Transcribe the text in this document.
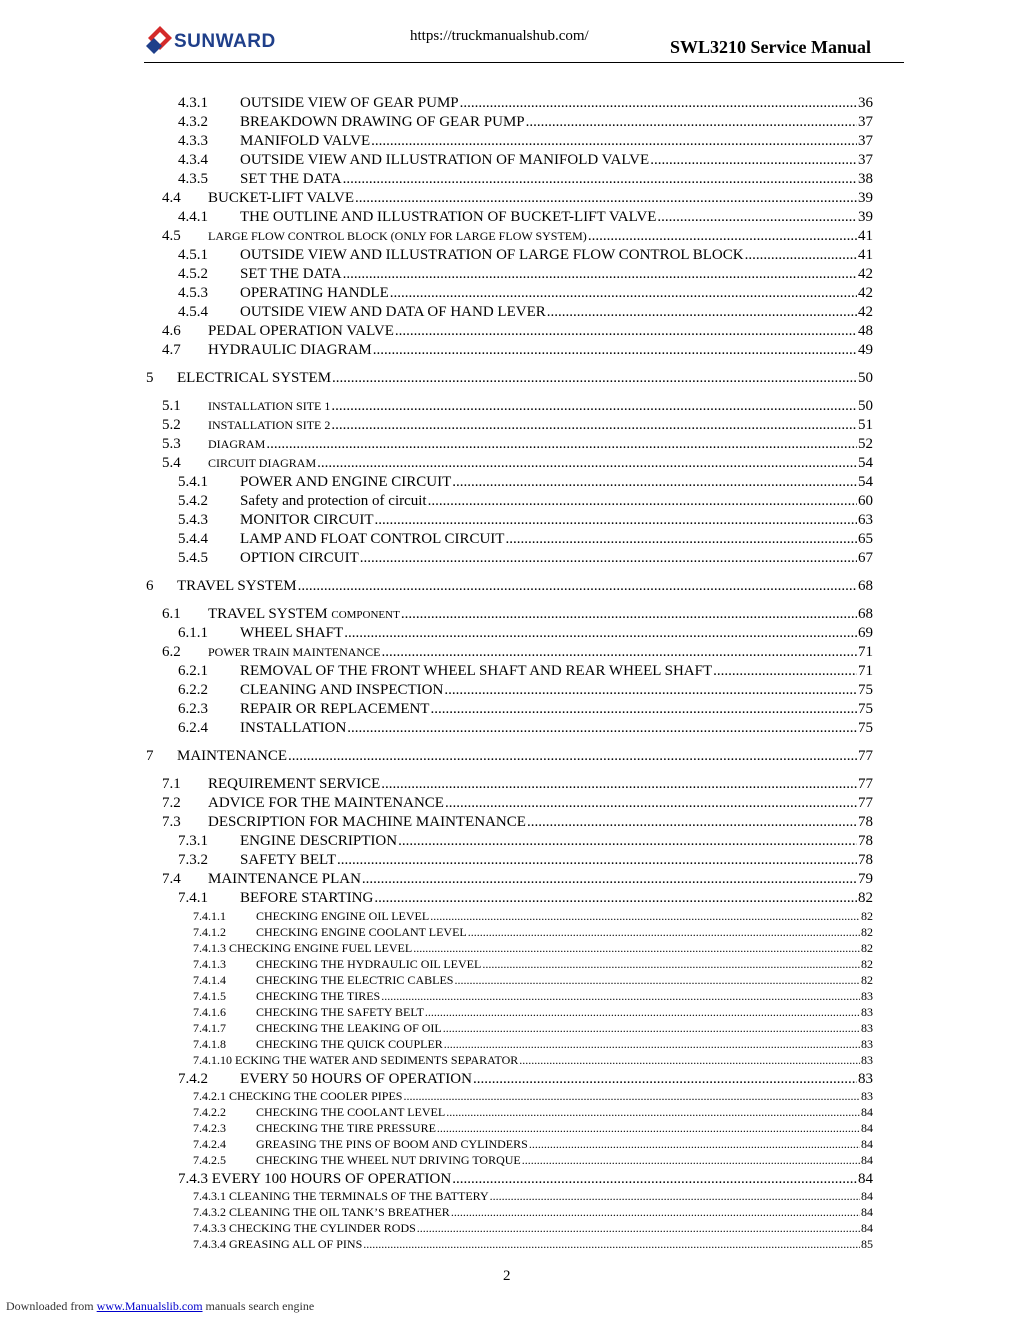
SUNWARD	https://truckmanualshub.com/
SWL3210 Service Manual
4.3.1 OUTSIDE VIEW OF GEAR PUMP .....	36
4.3.2 BREAKDOWN DRAWING OF GEAR PUMP .....	37
4.3.3 MANIFOLD VALVE .....	37
4.3.4 OUTSIDE VIEW AND ILLUSTRATION OF MANIFOLD VALVE .....	37
4.3.5 SET THE DATA .....	38
4.4 BUCKET-LIFT VALVE .....	39
4.4.1 THE OUTLINE AND ILLUSTRATION OF BUCKET-LIFT VALVE .....	39
4.5 LARGE FLOW CONTROL BLOCK (ONLY FOR LARGE FLOW SYSTEM) .....	41
4.5.1 OUTSIDE VIEW AND ILLUSTRATION OF LARGE FLOW CONTROL BLOCK .....	41
4.5.2 SET THE DATA .....	42
4.5.3 OPERATING HANDLE .....	42
4.5.4 OUTSIDE VIEW AND DATA OF HAND LEVER .....	42
4.6 PEDAL OPERATION VALVE .....	48
4.7 HYDRAULIC DIAGRAM .....	49
5 ELECTRICAL SYSTEM .....	50
5.1 INSTALLATION SITE 1 .....	50
5.2 INSTALLATION SITE 2 .....	51
5.3 DIAGRAM .....	52
5.4 CIRCUIT DIAGRAM .....	54
5.4.1 POWER AND ENGINE CIRCUIT .....	54
5.4.2 Safety and protection of circuit .....	60
5.4.3 MONITOR CIRCUIT .....	63
5.4.4 LAMP AND FLOAT CONTROL CIRCUIT .....	65
5.4.5 OPTION CIRCUIT .....	67
6 TRAVEL SYSTEM .....	68
6.1 TRAVEL SYSTEM COMPONENT .....	68
6.1.1 WHEEL SHAFT .....	69
6.2 POWER TRAIN MAINTENANCE .....	71
6.2.1 REMOVAL OF THE FRONT WHEEL SHAFT AND REAR WHEEL SHAFT .....	71
6.2.2 CLEANING AND INSPECTION .....	75
6.2.3 REPAIR OR REPLACEMENT .....	75
6.2.4 INSTALLATION .....	75
7 MAINTENANCE .....	77
7.1 REQUIREMENT SERVICE .....	77
7.2 ADVICE FOR THE MAINTENANCE .....	77
7.3 DESCRIPTION FOR MACHINE MAINTENANCE .....	78
7.3.1 ENGINE DESCRIPTION .....	78
7.3.2 SAFETY BELT .....	78
7.4 MAINTENANCE PLAN .....	79
7.4.1 BEFORE STARTING .....	82
7.4.1.1	CHECKING ENGINE OIL LEVEL .....	82
7.4.1.2	CHECKING ENGINE COOLANT LEVEL .....	82
7.4.1.3 CHECKING ENGINE FUEL LEVEL .....	82
7.4.1.3	CHECKING THE HYDRAULIC OIL LEVEL .....	82
7.4.1.4	CHECKING THE ELECTRIC CABLES .....	82
7.4.1.5	CHECKING THE TIRES .....	83
7.4.1.6	CHECKING THE SAFETY BELT .....	83
7.4.1.7	CHECKING THE LEAKING OF OIL .....	83
7.4.1.8	CHECKING THE QUICK COUPLER .....	83
7.4.1.10 ECKING THE WATER AND SEDIMENTS SEPARATOR .....	83
7.4.2 EVERY 50 HOURS OF OPERATION .....	83
7.4.2.1 CHECKING THE COOLER PIPES .....	83
7.4.2.2	CHECKING THE COOLANT LEVEL .....	84
7.4.2.3	CHECKING THE TIRE PRESSURE .....	84
7.4.2.4	GREASING THE PINS OF BOOM AND CYLINDERS .....	84
7.4.2.5	CHECKING THE WHEEL NUT DRIVING TORQUE .....	84
7.4.3 EVERY 100 HOURS OF OPERATION .....	84
7.4.3.1 CLEANING THE TERMINALS OF THE BATTERY .....	84
7.4.3.2 CLEANING THE OIL TANK’S BREATHER .....	84
7.4.3.3 CHECKING THE CYLINDER RODS .....	84
7.4.3.4 GREASING ALL OF PINS .....	85
2
Downloaded from www.Manualslib.com manuals search engine
